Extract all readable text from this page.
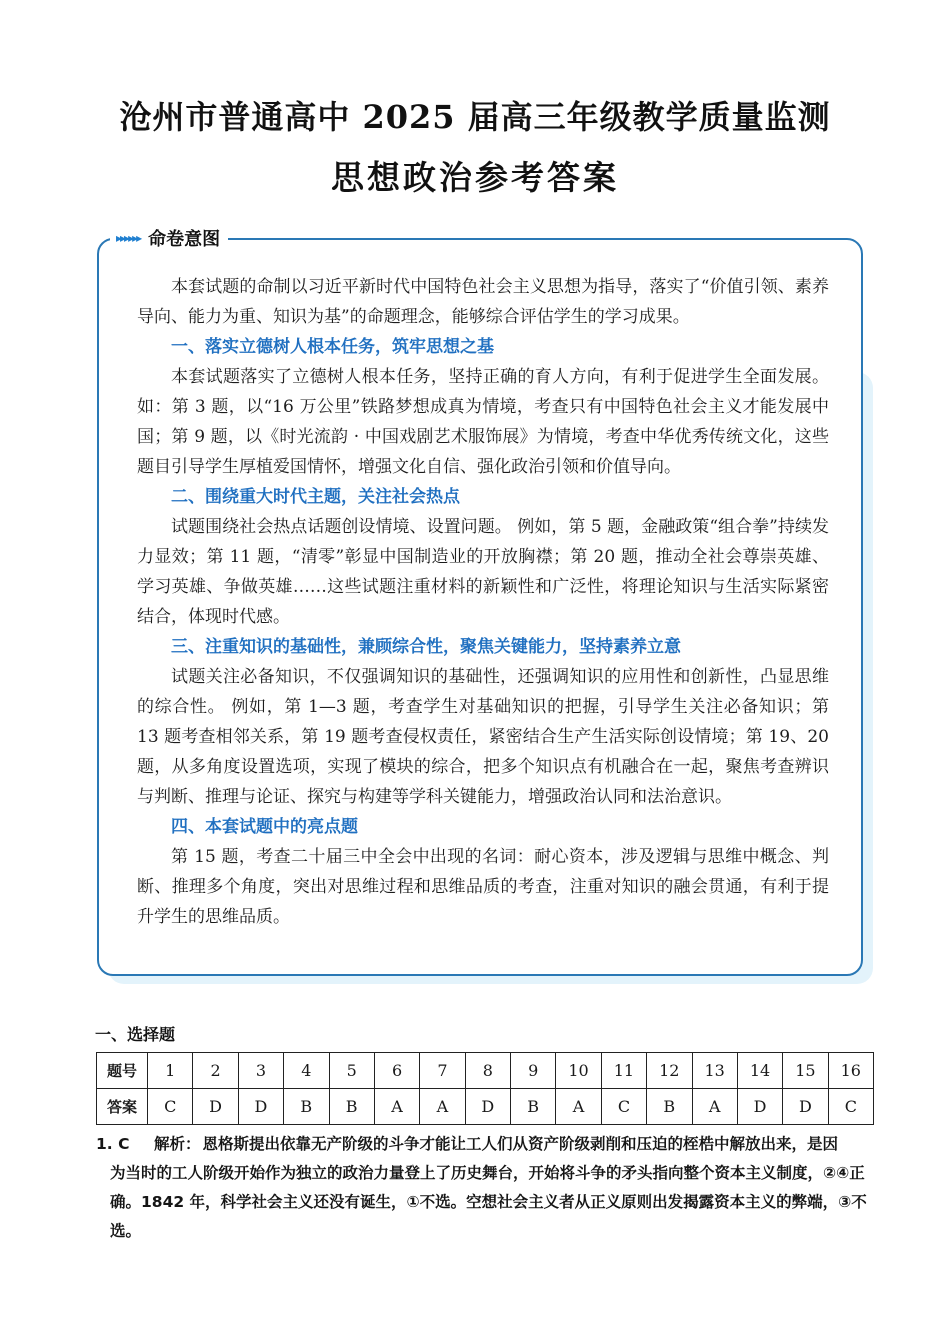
沧州市普通高中 2025 届高三年级教学质量监测
思想政治参考答案
▸▸▸▸▸▸ 命卷意图

本套试题的命制以习近平新时代中国特色社会主义思想为指导，落实了“价值引领、素养导向、能力为重、知识为基”的命题理念，能够综合评估学生的学习成果。

一、落实立德树人根本任务，筑牢思想之基

本套试题落实了立德树人根本任务，坚持正确的育人方向，有利于促进学生全面发展。 如：第 3 题，以“16 万公里”铁路梦想成真为情境，考查只有中国特色社会主义才能发展中国；第 9 题，以《时光流韵 · 中国戏剧艺术服饰展》为情境，考查中华优秀传统文化，这些题目引导学生厚植爱国情怀，增强文化自信、强化政治引领和价值导向。

二、围绕重大时代主题，关注社会热点

试题围绕社会热点话题创设情境、设置问题。 例如，第 5 题，金融政策“组合拳”持续发力显效；第 11 题，“清零”彰显中国制造业的开放胸襟；第 20 题，推动全社会尊崇英雄、学习英雄、争做英雄……这些试题注重材料的新颖性和广泛性，将理论知识与生活实际紧密结合，体现时代感。

三、注重知识的基础性，兼顾综合性，聚焦关键能力，坚持素养立意

试题关注必备知识，不仅强调知识的基础性，还强调知识的应用性和创新性，凸显思维的综合性。 例如，第 1—3 题，考查学生对基础知识的把握，引导学生关注必备知识；第 13 题考查相邻关系，第 19 题考查侵权责任，紧密结合生产生活实际创设情境；第 19、20 题，从多角度设置选项，实现了模块的综合，把多个知识点有机融合在一起，聚焦考查辨识与判断、推理与论证、探究与构建等学科关键能力，增强政治认同和法治意识。

四、本套试题中的亮点题

第 15 题，考查二十届三中全会中出现的名词：耐心资本，涉及逻辑与思维中概念、判断、推理多个角度，突出对思维过程和思维品质的考查，注重对知识的融会贯通，有利于提升学生的思维品质。

一、选择题
题号	1	2	3	4	5	6	7	8	9	10	11	12	13	14	15	16
答案	C	D	D	B	B	A	A	D	B	A	C	B	A	D	D	C
1. C 解析： 恩格斯提出依靠无产阶级的斗争才能让工人们从资产阶级剥削和压迫的桎梏中解放出来，是因
为当时的工人阶级开始作为独立的政治力量登上了历史舞台，开始将斗争的矛头指向整个资本主义制度，②④正确。1842 年，科学社会主义还没有诞生，①不选。空想社会主义者从正义原则出发揭露资本主义的弊端，③不选。
